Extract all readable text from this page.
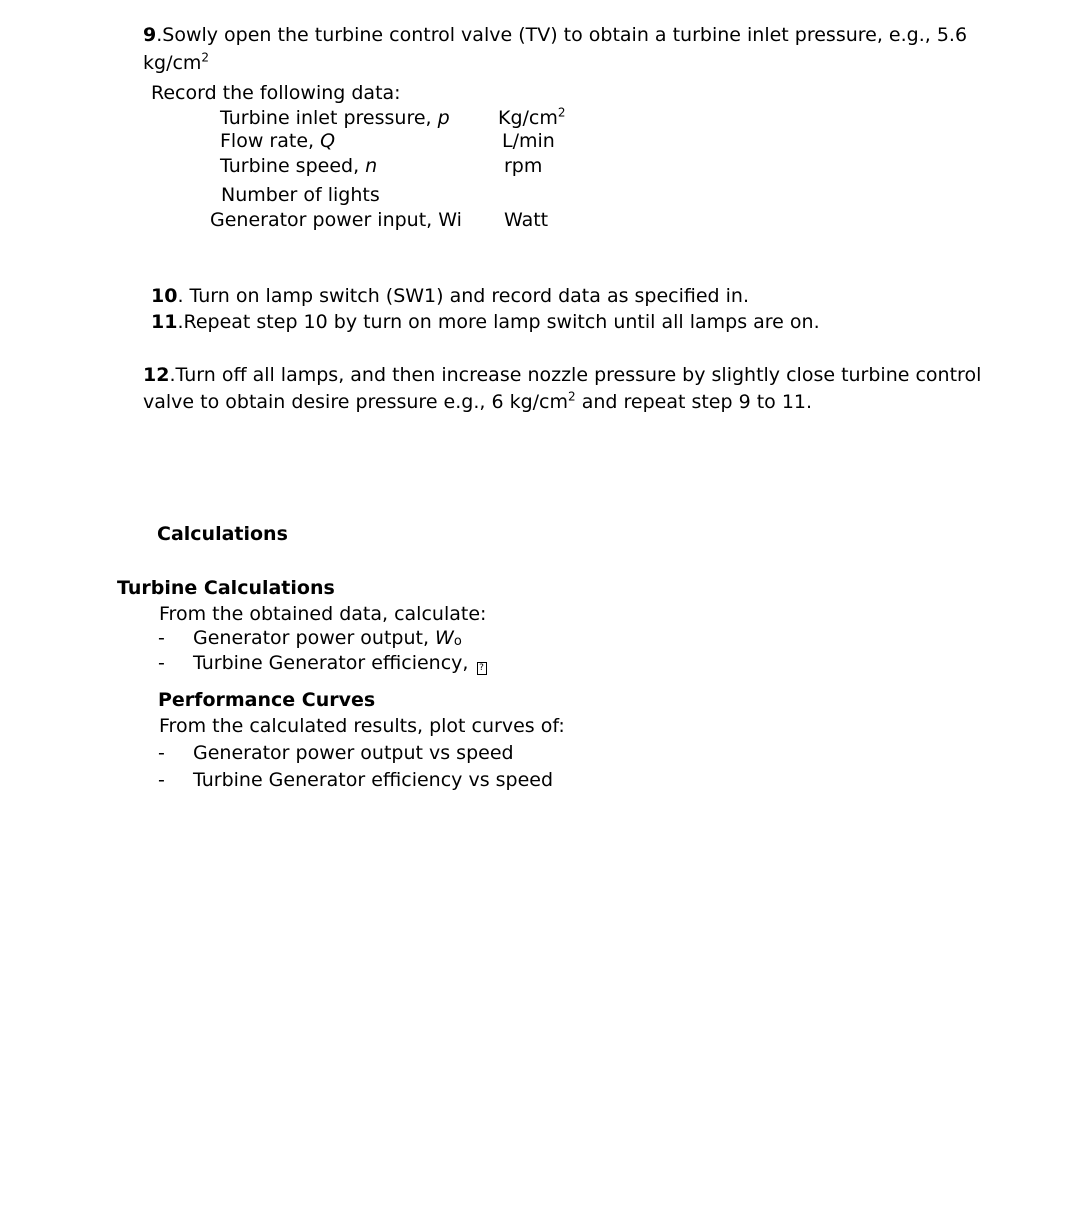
9.Sowly open the turbine control valve (TV) to obtain a turbine inlet pressure, e.g., 5.6
$kg/cm^2$
Record the following data:
Turbine inlet pressure, p	$Kg/cm^2$
Flow rate, Q	L/min
Turbine speed, n	rpm
Number of lights
Generator power input, Wi Watt
10. Turn on lamp switch (SW1) and record data as specified in.
11.Repeat step 10 by turn on more lamp switch until all lamps are on.
12.Turn off all lamps, and then increase nozzle pressure by slightly close turbine control
valve to obtain desire pressure e.g., 6 $kg/cm^2$ and repeat step 9 to 11.
Calculations
Turbine Calculations
From the obtained data, calculate:
- Generator power output, Wo
- Turbine Generator efficiency, ?
Performance Curves
From the calculated results, plot curves of:
- Generator power output vs speed
- Turbine Generator efficiency vs speed
